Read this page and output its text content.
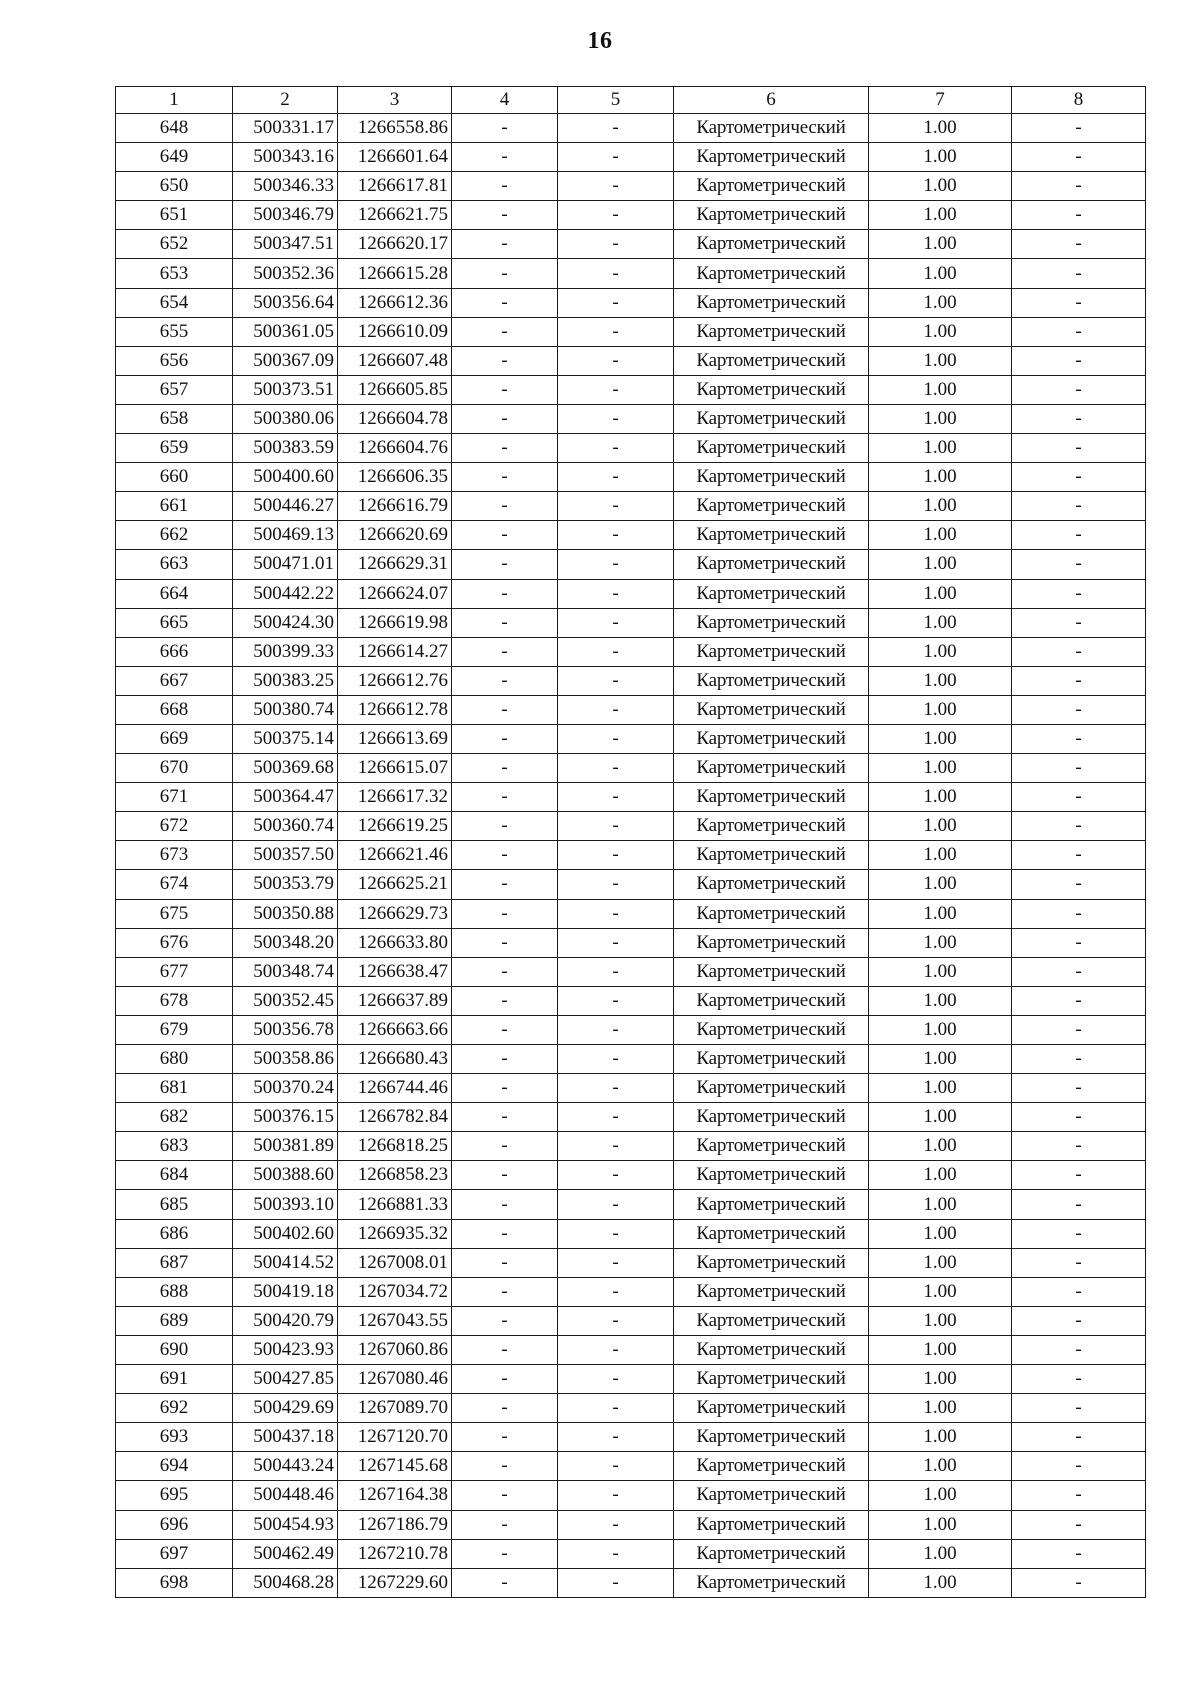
16
1	2	3	4	5	6	7	8
648	500331.17	1266558.86	-	-	Картометрический	1.00	-
649	500343.16	1266601.64	-	-	Картометрический	1.00	-
650	500346.33	1266617.81	-	-	Картометрический	1.00	-
651	500346.79	1266621.75	-	-	Картометрический	1.00	-
652	500347.51	1266620.17	-	-	Картометрический	1.00	-
653	500352.36	1266615.28	-	-	Картометрический	1.00	-
654	500356.64	1266612.36	-	-	Картометрический	1.00	-
655	500361.05	1266610.09	-	-	Картометрический	1.00	-
656	500367.09	1266607.48	-	-	Картометрический	1.00	-
657	500373.51	1266605.85	-	-	Картометрический	1.00	-
658	500380.06	1266604.78	-	-	Картометрический	1.00	-
659	500383.59	1266604.76	-	-	Картометрический	1.00	-
660	500400.60	1266606.35	-	-	Картометрический	1.00	-
661	500446.27	1266616.79	-	-	Картометрический	1.00	-
662	500469.13	1266620.69	-	-	Картометрический	1.00	-
663	500471.01	1266629.31	-	-	Картометрический	1.00	-
664	500442.22	1266624.07	-	-	Картометрический	1.00	-
665	500424.30	1266619.98	-	-	Картометрический	1.00	-
666	500399.33	1266614.27	-	-	Картометрический	1.00	-
667	500383.25	1266612.76	-	-	Картометрический	1.00	-
668	500380.74	1266612.78	-	-	Картометрический	1.00	-
669	500375.14	1266613.69	-	-	Картометрический	1.00	-
670	500369.68	1266615.07	-	-	Картометрический	1.00	-
671	500364.47	1266617.32	-	-	Картометрический	1.00	-
672	500360.74	1266619.25	-	-	Картометрический	1.00	-
673	500357.50	1266621.46	-	-	Картометрический	1.00	-
674	500353.79	1266625.21	-	-	Картометрический	1.00	-
675	500350.88	1266629.73	-	-	Картометрический	1.00	-
676	500348.20	1266633.80	-	-	Картометрический	1.00	-
677	500348.74	1266638.47	-	-	Картометрический	1.00	-
678	500352.45	1266637.89	-	-	Картометрический	1.00	-
679	500356.78	1266663.66	-	-	Картометрический	1.00	-
680	500358.86	1266680.43	-	-	Картометрический	1.00	-
681	500370.24	1266744.46	-	-	Картометрический	1.00	-
682	500376.15	1266782.84	-	-	Картометрический	1.00	-
683	500381.89	1266818.25	-	-	Картометрический	1.00	-
684	500388.60	1266858.23	-	-	Картометрический	1.00	-
685	500393.10	1266881.33	-	-	Картометрический	1.00	-
686	500402.60	1266935.32	-	-	Картометрический	1.00	-
687	500414.52	1267008.01	-	-	Картометрический	1.00	-
688	500419.18	1267034.72	-	-	Картометрический	1.00	-
689	500420.79	1267043.55	-	-	Картометрический	1.00	-
690	500423.93	1267060.86	-	-	Картометрический	1.00	-
691	500427.85	1267080.46	-	-	Картометрический	1.00	-
692	500429.69	1267089.70	-	-	Картометрический	1.00	-
693	500437.18	1267120.70	-	-	Картометрический	1.00	-
694	500443.24	1267145.68	-	-	Картометрический	1.00	-
695	500448.46	1267164.38	-	-	Картометрический	1.00	-
696	500454.93	1267186.79	-	-	Картометрический	1.00	-
697	500462.49	1267210.78	-	-	Картометрический	1.00	-
698	500468.28	1267229.60	-	-	Картометрический	1.00	-
